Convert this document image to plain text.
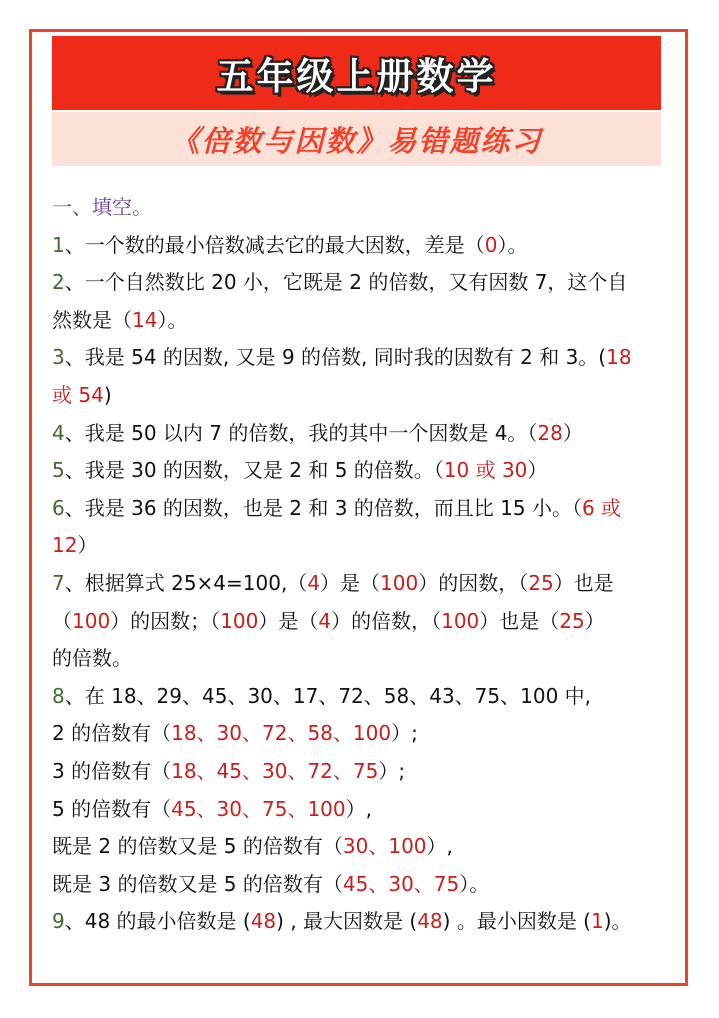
五年级上册数学
《倍数与因数》易错题练习
一、填空。
1、一个数的最小倍数减去它的最大因数，差是（0）。
2、一个自然数比 20 小，它既是 2 的倍数，又有因数 7，这个自
然数是（14）。
3、我是 54 的因数, 又是 9 的倍数, 同时我的因数有 2 和 3。(18
或 54)
4、我是 50 以内 7 的倍数，我的其中一个因数是 4。（28）
5、我是 30 的因数，又是 2 和 5 的倍数。（10 或 30）
6、我是 36 的因数，也是 2 和 3 的倍数，而且比 15 小。（6 或
12）
7、根据算式 25×4=100,（4）是（100）的因数，（25）也是
（100）的因数；（100）是（4）的倍数，（100）也是（25）
的倍数。
8、在 18、29、45、30、17、72、58、43、75、100 中,
2 的倍数有（18、30、72、58、100）;
3 的倍数有（18、45、30、72、75）;
5 的倍数有（45、30、75、100）,
既是 2 的倍数又是 5 的倍数有（30、100）,
既是 3 的倍数又是 5 的倍数有（45、30、75）。
9、48 的最小倍数是 (48) , 最大因数是 (48) 。最小因数是 (1)。
